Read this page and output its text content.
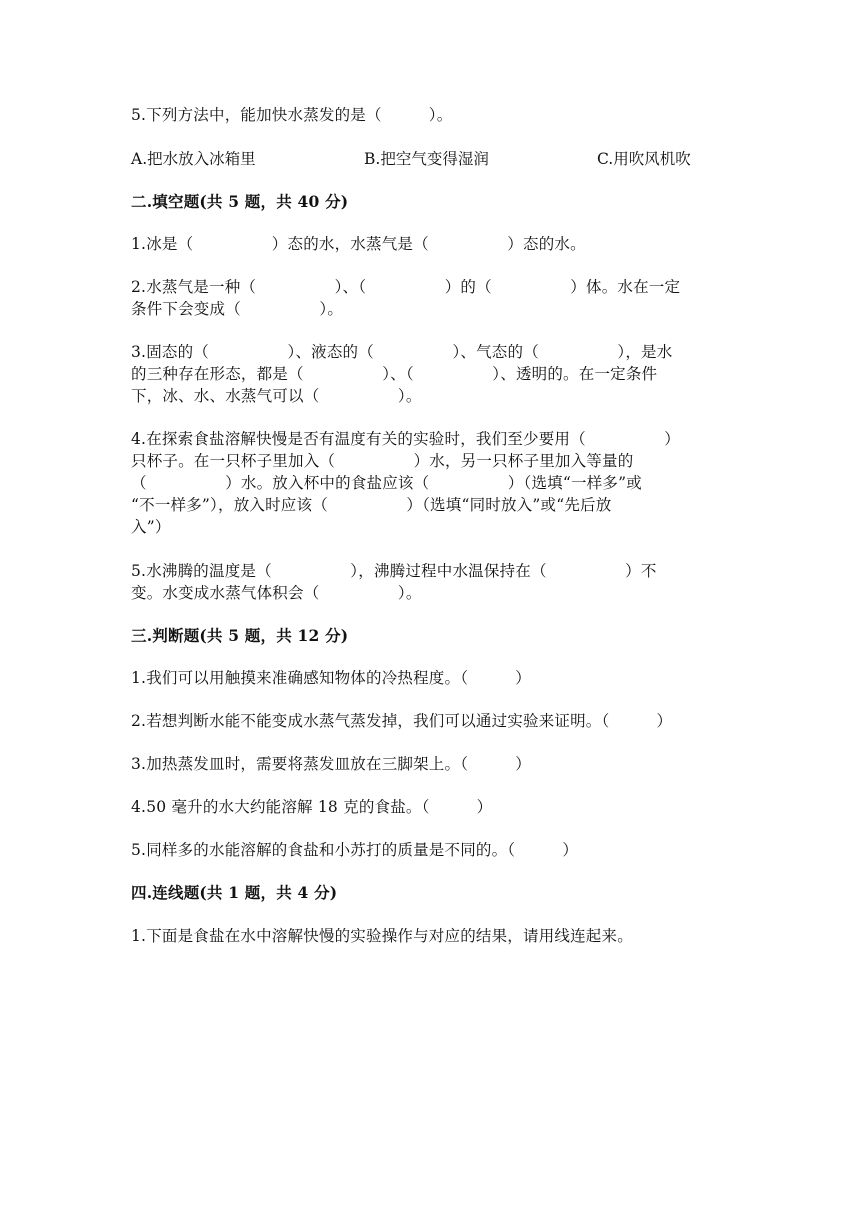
5.下列方法中，能加快水蒸发的是（　　　）。
A.把水放入冰箱里	B.把空气变得湿润	C.用吹风机吹
二.填空题(共 5 题，共 40 分)
1.冰是（　　　　　）态的水，水蒸气是（　　　　　）态的水。
2.水蒸气是一种（　　　　　）、（　　　　　）的（　　　　　）体。水在一定
条件下会变成（　　　　　）。
3.固态的（　　　　　）、液态的（　　　　　）、气态的（　　　　　），是水
的三种存在形态，都是（　　　　　）、（　　　　　）、透明的。在一定条件
下，冰、水、水蒸气可以（　　　　　）。
4.在探索食盐溶解快慢是否有温度有关的实验时，我们至少要用（　　　　　）
只杯子。在一只杯子里加入（　　　　　）水，另一只杯子里加入等量的
（　　　　　）水。放入杯中的食盐应该（　　　　　）（选填“一样多”或
“不一样多”），放入时应该（　　　　　）（选填“同时放入”或“先后放
入”）
5.水沸腾的温度是（　　　　　），沸腾过程中水温保持在（　　　　　）不
变。水变成水蒸气体积会（　　　　　）。
三.判断题(共 5 题，共 12 分)
1.我们可以用触摸来准确感知物体的冷热程度。（　　　）
2.若想判断水能不能变成水蒸气蒸发掉，我们可以通过实验来证明。（　　　）
3.加热蒸发皿时，需要将蒸发皿放在三脚架上。（　　　）
4.50 毫升的水大约能溶解 18 克的食盐。（　　　）
5.同样多的水能溶解的食盐和小苏打的质量是不同的。（　　　）
四.连线题(共 1 题，共 4 分)
1.下面是食盐在水中溶解快慢的实验操作与对应的结果，请用线连起来。
